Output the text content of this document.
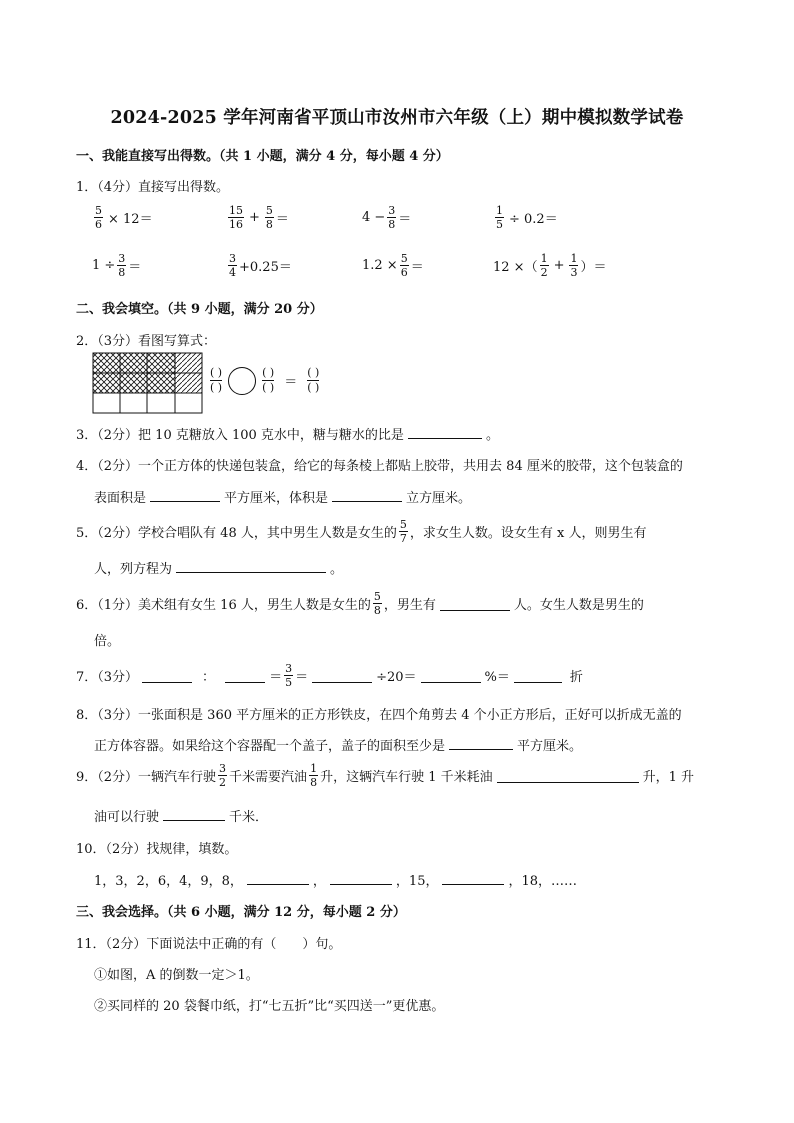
2024-2025 学年河南省平顶山市汝州市六年级（上）期中模拟数学试卷
一、我能直接写出得数。（共 1 小题，满分 4 分，每小题 4 分）
1．（4分）直接写出得数。
$\frac{5}{6} \times 12=$	$\frac{15}{16} + \frac{5}{8}$ ＝	$4 - \frac{3}{8}$ ＝	$\frac{1}{5} \div 0.2=$
$1 \div \frac{3}{8}$ ＝	$\frac{3}{4} +0.25=$	$1.2 \times \frac{5}{6}$ ＝	12 ×（ $\frac{1}{2} + \frac{1}{3}$ ）＝
二、我会填空。（共 9 小题，满分 20 分）
2．（3分）看图写算式：
$\frac{( )}{( )}$	$\frac{( )}{( )} = \frac{( )}{( )}$
3．（2分）把 10 克糖放入 100 克水中，糖与糖水的比是	。
4．（2分）一个正方体的快递包装盒，给它的每条棱上都贴上胶带，共用去 84 厘米的胶带，这个包装盒的
表面积是	平方厘米，体积是	立方厘米。
5．（2分）学校合唱队有 48 人，其中男生人数是女生的 $\frac{5}{7}$ ，求女生人数。设女生有 x 人，则男生有
人，列方程为	。
6．（1分）美术组有女生 16 人，男生人数是女生的 $\frac{5}{8}$ ，男生有	人。女生人数是男生的
倍。
7．（3分）	：	＝ $\frac{3}{5}$ ＝	÷20＝	%＝	折
8．（3分）一张面积是 360 平方厘米的正方形铁皮，在四个角剪去 4 个小正方形后，正好可以折成无盖的
正方体容器。如果给这个容器配一个盖子，盖子的面积至少是	平方厘米。
9．（2分）一辆汽车行驶 $\frac{3}{2}$ 千米需要汽油 $\frac{1}{8}$ 升，这辆汽车行驶 1 千米耗油	升，1 升
油可以行驶	千米．
10．（2分）找规律，填数。
1，3，2，6，4，9，8，	，	，15，	，18，……
三、我会选择。（共 6 小题，满分 12 分，每小题 2 分）
11．（2分）下面说法中正确的有（　　）句。
①如图，A 的倒数一定＞1。
②买同样的 20 袋餐巾纸，打“七五折”比“买四送一”更优惠。
